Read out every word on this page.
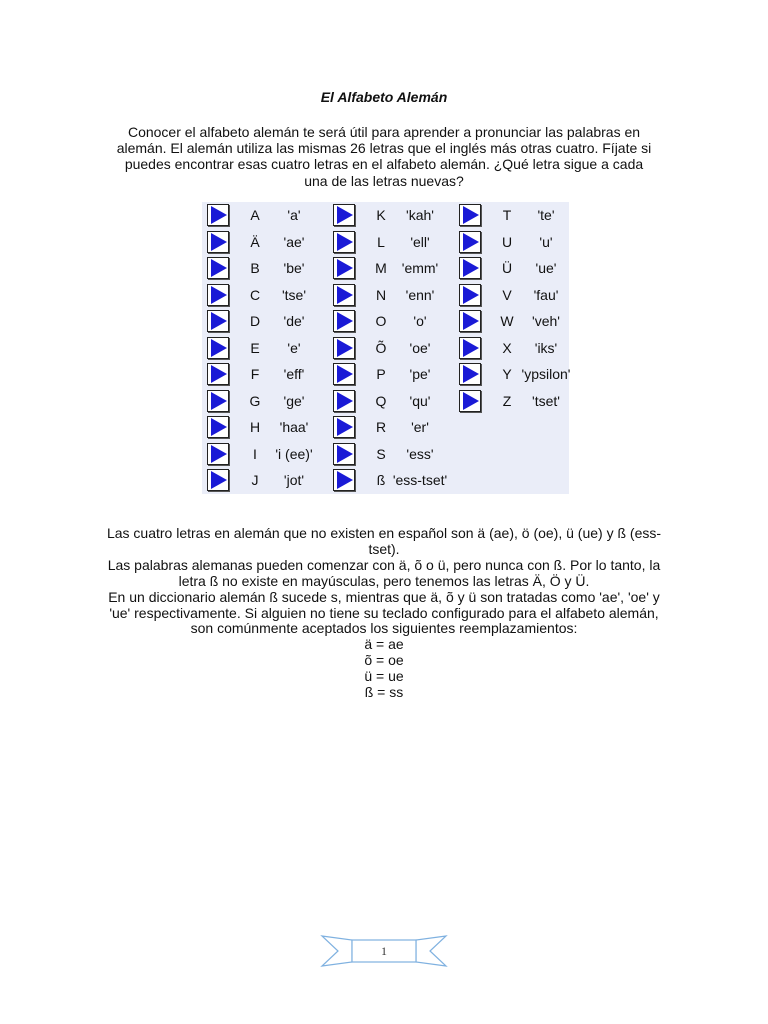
El Alfabeto Alemán
Conocer el alfabeto alemán te será útil para aprender a pronunciar las palabras en alemán. El alemán utiliza las mismas 26 letras que el inglés más otras cuatro. Fíjate si puedes encontrar esas cuatro letras en el alfabeto alemán. ¿Qué letra sigue a cada una de las letras nuevas?
A	'a'
Ä	'ae'
B	'be'
C	'tse'
D	'de'
E	'e'
F	'eff'
G	'ge'
H	'haa'
I	'i (ee)'
J	'jot'
K	'kah'
L	'ell'
M	'emm'
N	'enn'
O	'o'
Õ	'oe'
P	'pe'
Q	'qu'
R	'er'
S	'ess'
ß 'ess-tset'
T	'te'
U	'u'
Ü	'ue'
V	'fau'
W	'veh'
X	'iks'
Y 'ypsilon'
Z	'tset'

Las cuatro letras en alemán que no existen en español son ä (ae), ö (oe), ü (ue) y ß (ess-tset).

Las palabras alemanas pueden comenzar con ä, õ o ü, pero nunca con ß. Por lo tanto, la letra ß no existe en mayúsculas, pero tenemos las letras Ä, Ö y Ü.

En un diccionario alemán ß sucede s, mientras que ä, õ y ü son tratadas como 'ae', 'oe' y 'ue' respectivamente. Si alguien no tiene su teclado configurado para el alfabeto alemán, son comúnmente aceptados los siguientes reemplazamientos:

ä = ae

õ = oe

ü = ue

ß = ss

1
